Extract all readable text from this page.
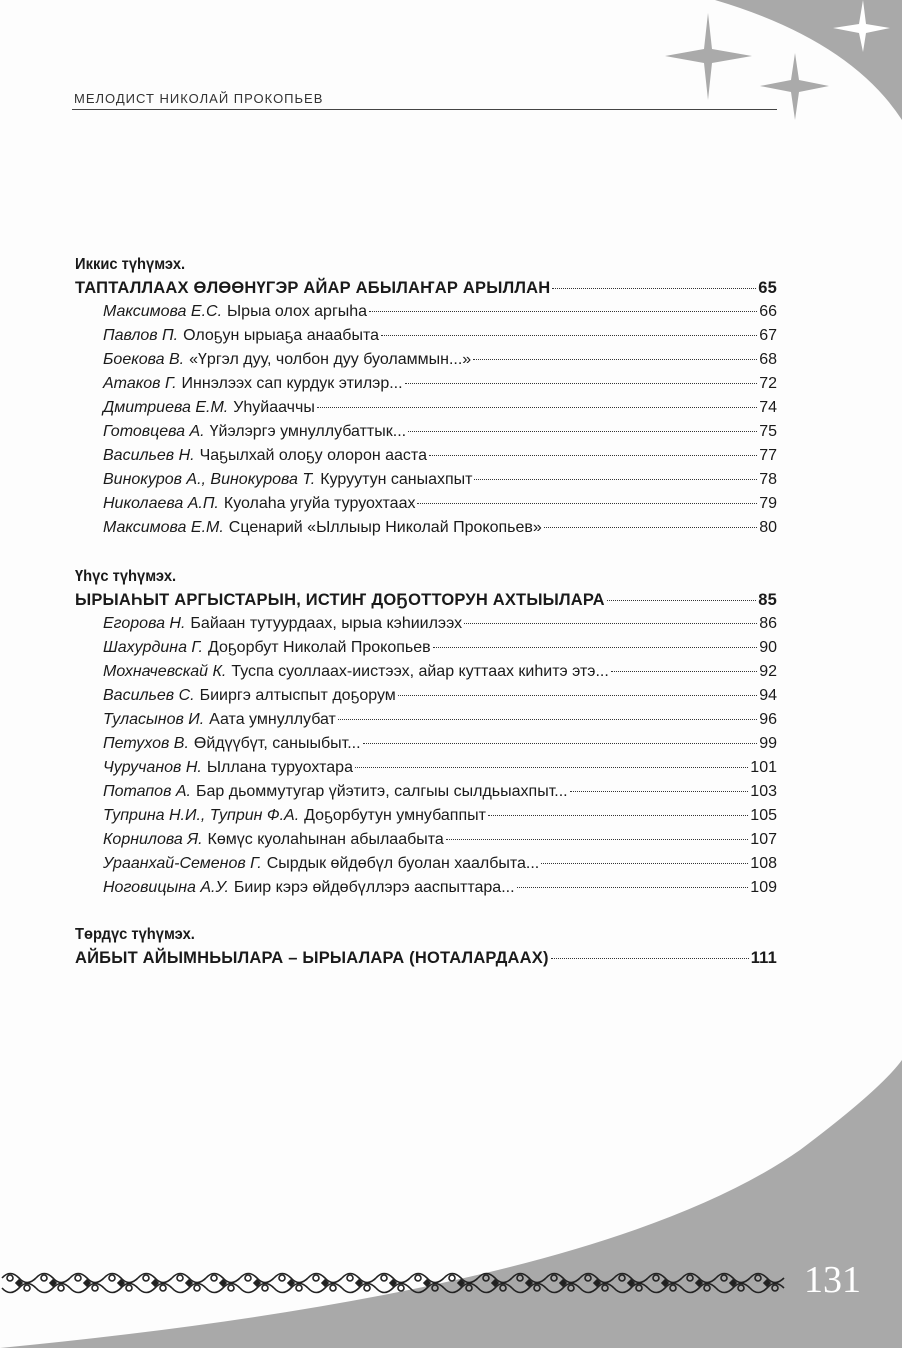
МЕЛОДИСТ НИКОЛАЙ ПРОКОПЬЕВ
Иккис түһүмэх.
ТАПТАЛЛААХ ӨЛӨӨНҮГЭР АЙАР АБЫЛАҤАР АРЫЛЛАН	65
Максимова Е.С. Ырыа олох аргыһа	66
Павлов П. Олоҕун ырыаҕа анаабыта	67
Боекова В. «Үргэл дуу, чолбон дуу буоламмын...»	68
Атаков Г. Иннэлээх сап курдук этилэр...	72
Дмитриева Е.М. Уһуйааччы	74
Готовцева А. Үйэлэргэ умнуллубаттык...	75
Васильев Н. Чаҕылхай олоҕу олорон ааста	77
Винокуров А., Винокурова Т. Куруутун саныахпыт	78
Николаева А.П. Куолаһа угуйа туруохтаах	79
Максимова Е.М. Сценарий «Ыллыыр Николай Прокопьев»	80
Үһүс түһүмэх.
ЫРЫАҺЫТ АРГЫСТАРЫН, ИСТИҤ ДОҔОТТОРУН АХТЫЫЛАРА	85
Егорова Н. Байаан тутуурдаах, ырыа кэһиилээх	86
Шахурдина Г. Доҕорбут Николай Прокопьев	90
Мохначевскай К. Туспа суоллаах-иистээх, айар куттаах киһитэ этэ...	92
Васильев С. Бииргэ алтыспыт доҕорум	94
Туласынов И. Аата умнуллубат	96
Петухов В. Өйдүүбүт, саныыбыт...	99
Чуручанов Н. Ыллана туруохтара	101
Потапов А. Бар дьоммутугар үйэтитэ, салгыы сылдьыахпыт...	103
Туприна Н.И., Туприн Ф.А. Доҕорбутун умнубаппыт	105
Корнилова Я. Көмүс куолаһынан абылаабыта	107
Ураанхай-Семенов Г. Сырдык өйдөбүл буолан хаалбыта...	108
Ноговицына А.У. Биир кэрэ өйдөбүллэрэ ааспыттара...	109
Төрдүс түһүмэх.
АЙБЫТ АЙЫМНЬЫЛАРА – ЫРЫАЛАРА (НОТАЛАРДААХ)	111
131
